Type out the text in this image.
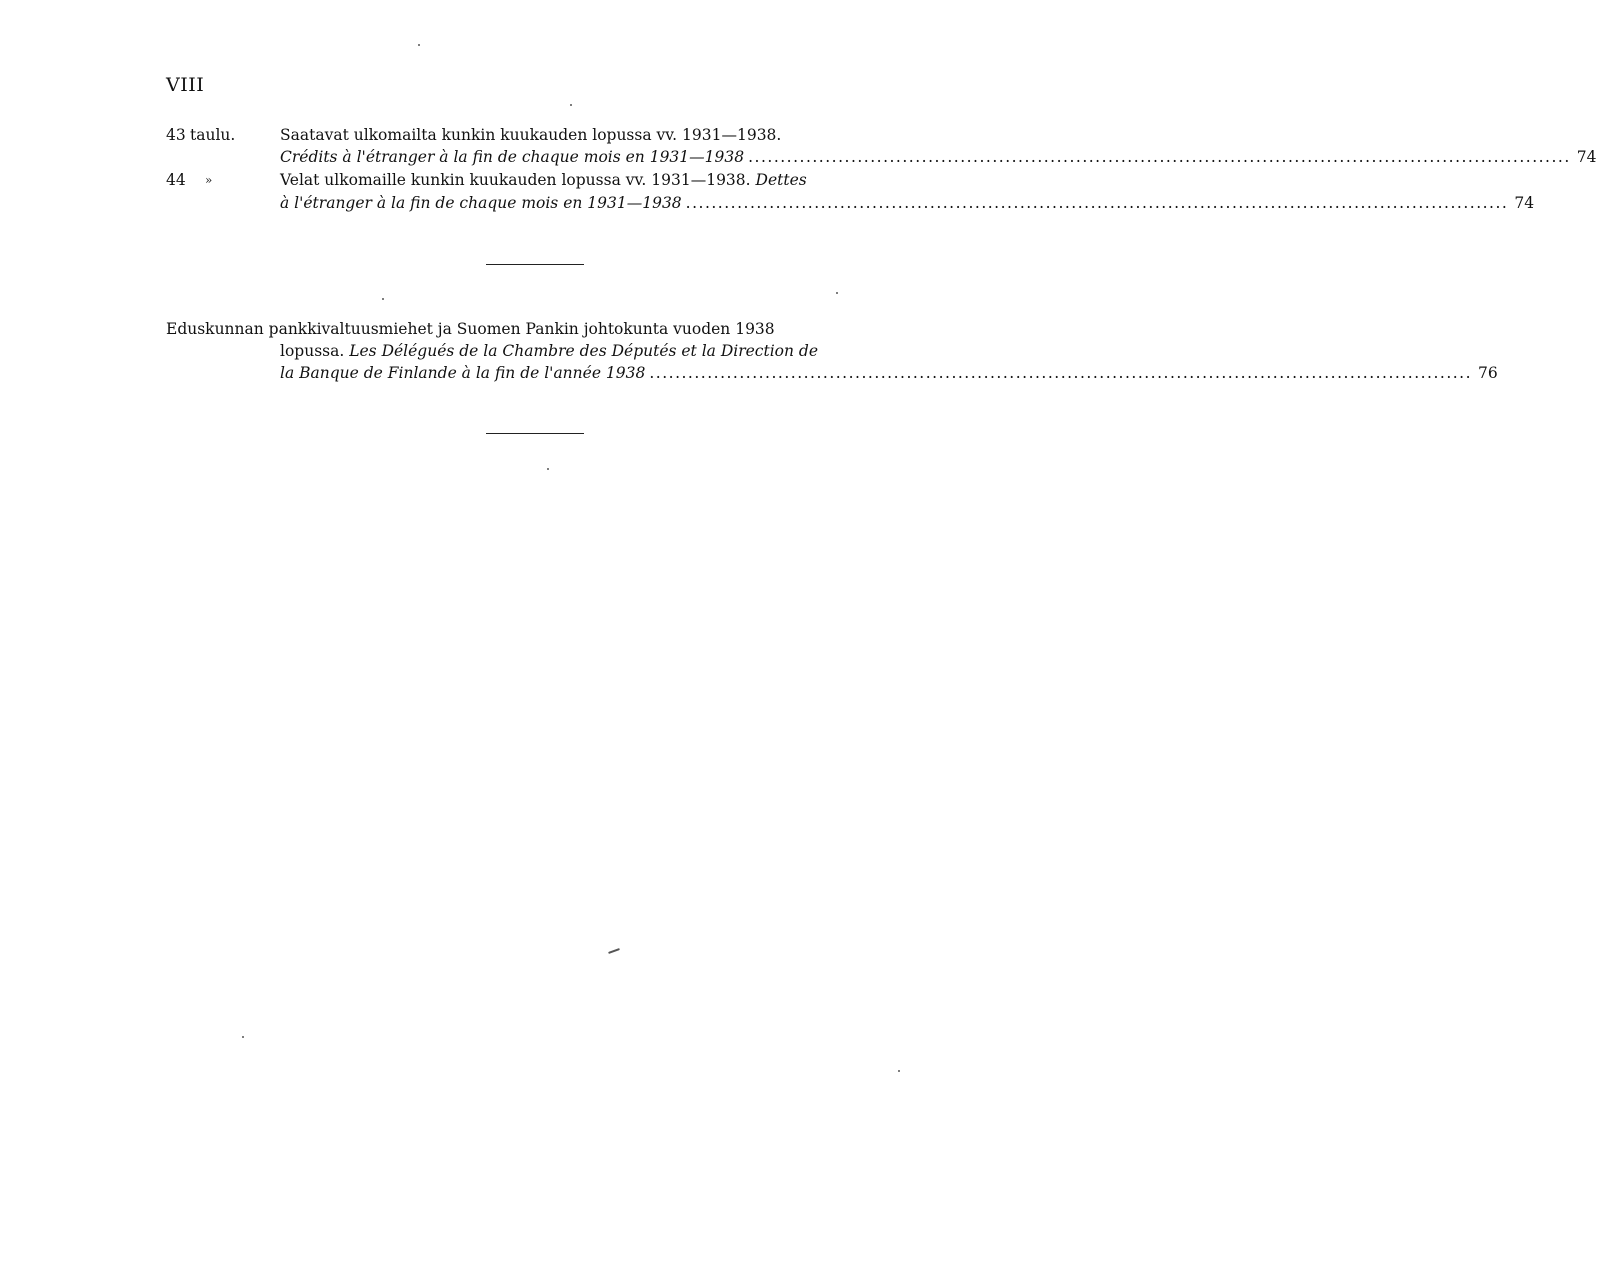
VIII
43 taulu.	Saatavat ulkomailta kunkin kuukauden lopussa vv. 1931—1938.
Crédits à l'étranger à la fin de chaque mois en 1931—1938 ................................................................................................................................ 74
44 »	Velat ulkomaille kunkin kuukauden lopussa vv. 1931—1938. Dettes
à l'étranger à la fin de chaque mois en 1931—1938 ................................................................................................................................ 74
Eduskunnan pankkivaltuusmiehet ja Suomen Pankin johtokunta vuoden 1938
lopussa. Les Délégués de la Chambre des Députés et la Direction de
la Banque de Finlande à la fin de l'année 1938 ................................................................................................................................ 76
